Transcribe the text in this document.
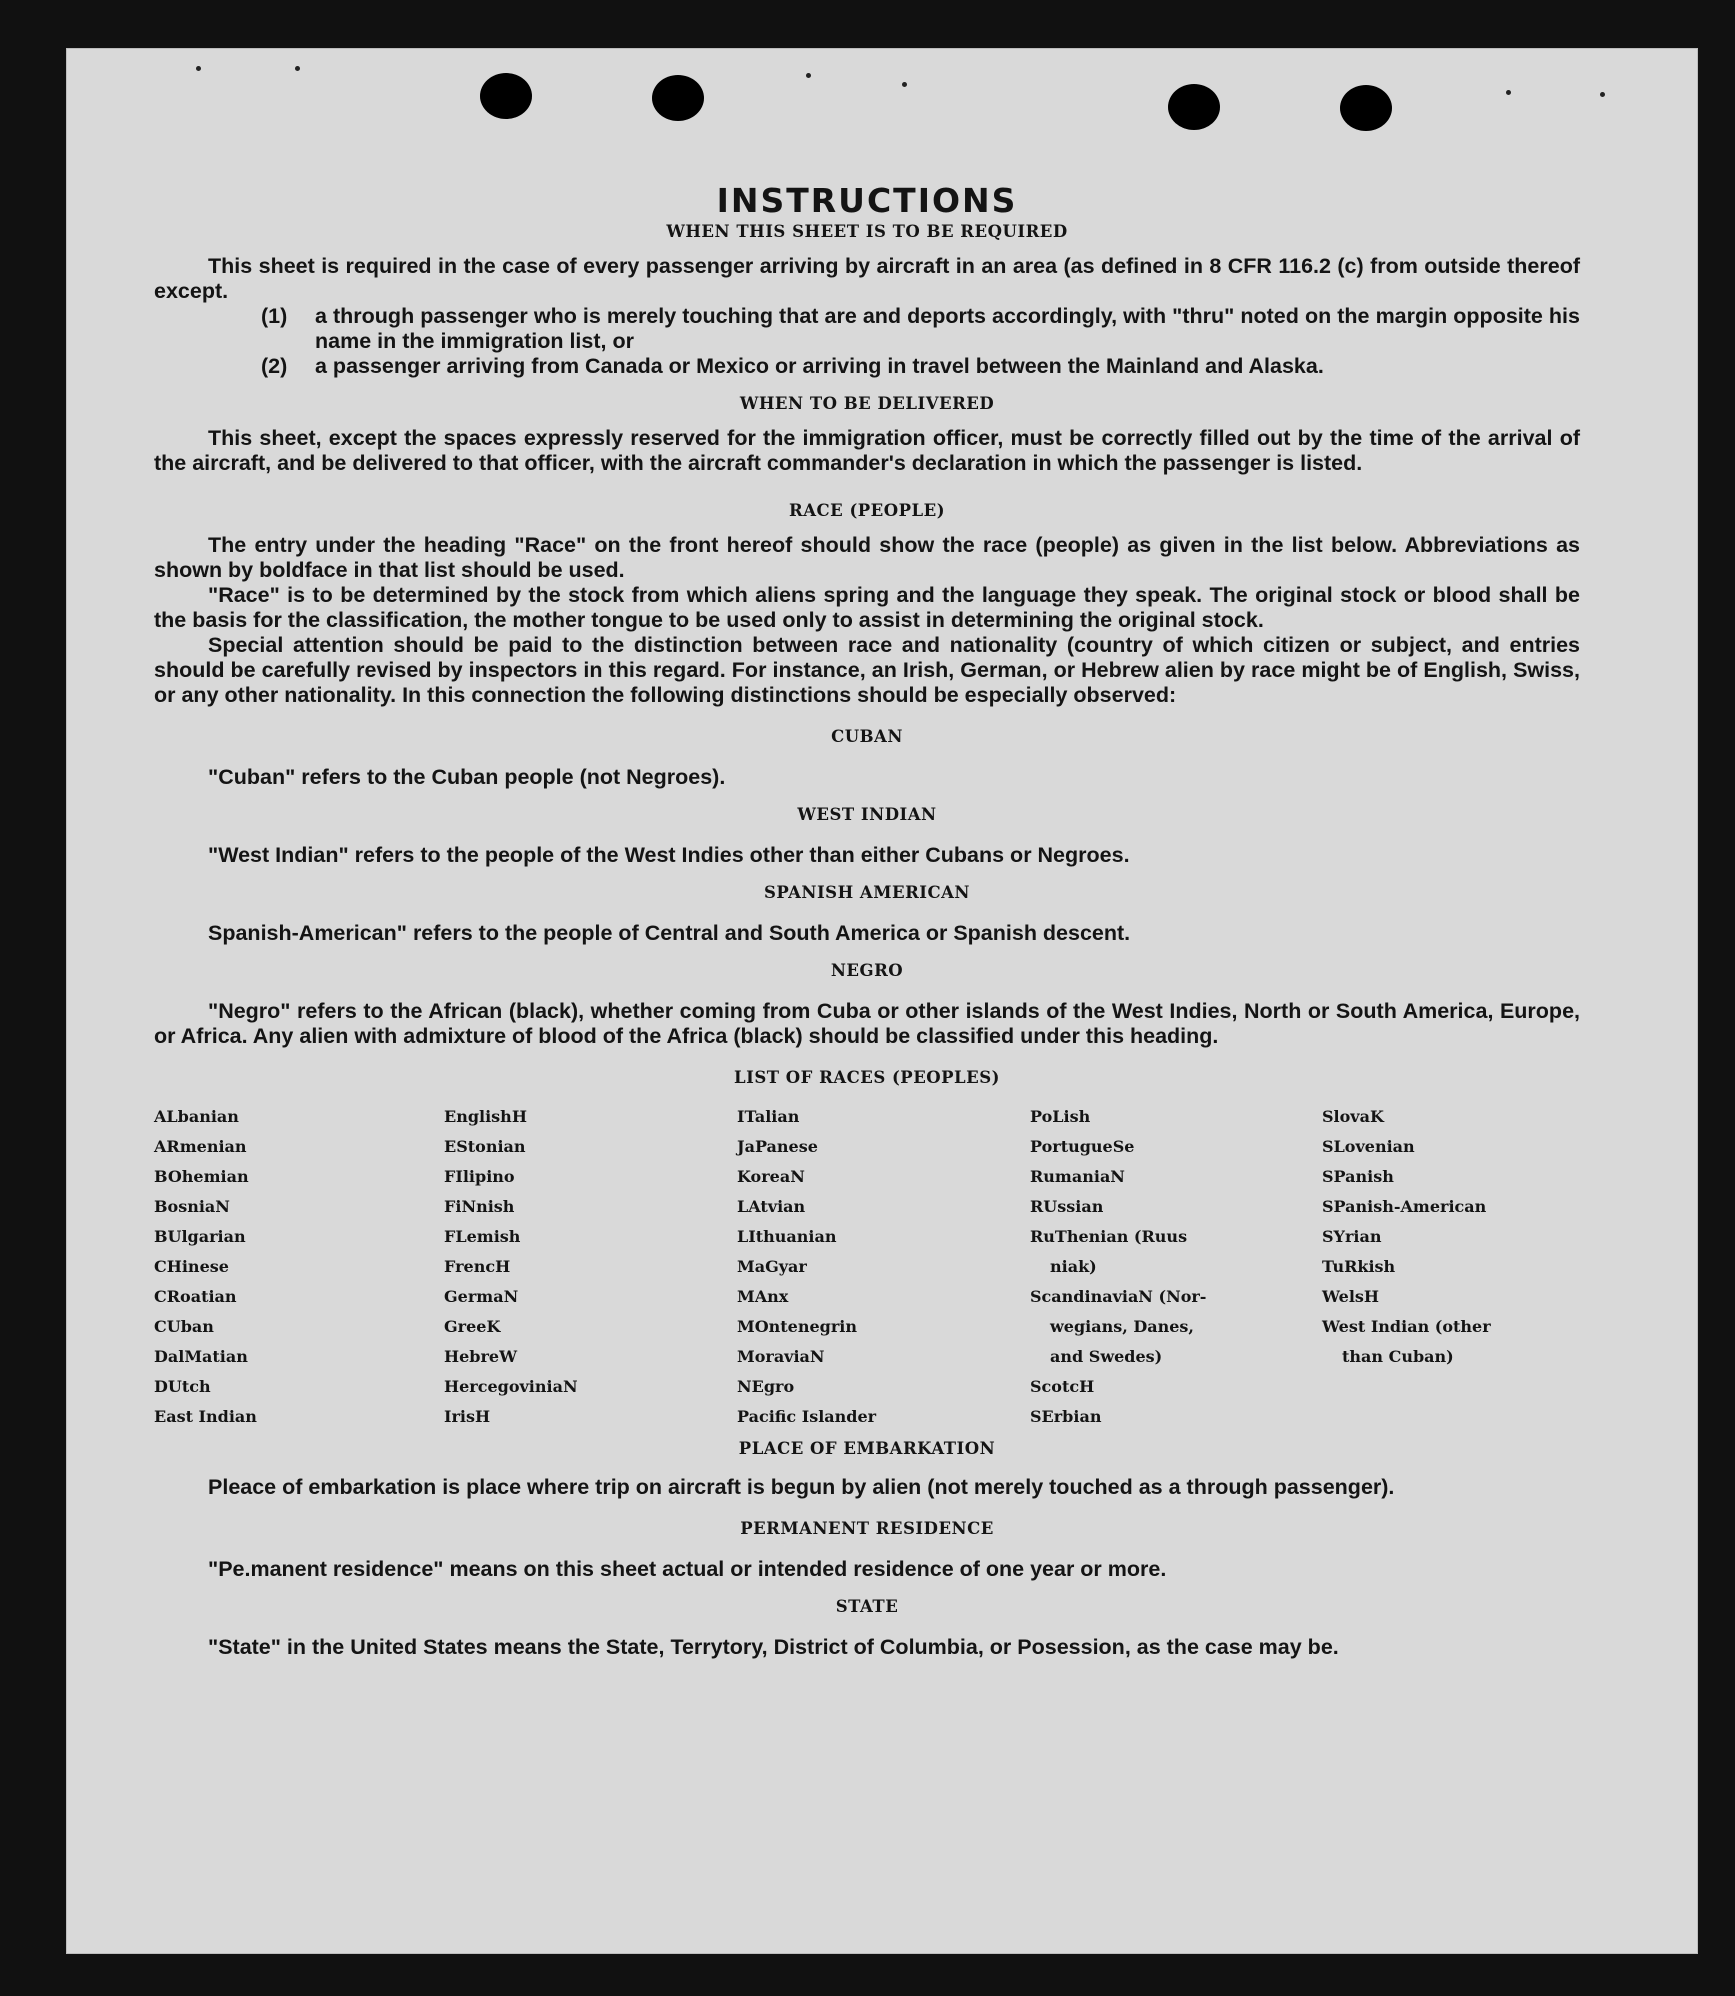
INSTRUCTIONS
WHEN THIS SHEET IS TO BE REQUIRED

This sheet is required in the case of every passenger arriving by aircraft in an area (as defined in 8 CFR 116.2 (c) from outside thereof except.

(1) a through passenger who is merely touching that are and deports accordingly, with "thru" noted on the margin opposite his name in the immigration list, or

(2) a passenger arriving from Canada or Mexico or arriving in travel between the Mainland and Alaska.

WHEN TO BE DELIVERED

This sheet, except the spaces expressly reserved for the immigration officer, must be correctly filled out by the time of the arrival of the aircraft, and be delivered to that officer, with the aircraft commander's declaration in which the passenger is listed.

RACE (PEOPLE)

The entry under the heading "Race" on the front hereof should show the race (people) as given in the list below. Abbreviations as shown by boldface in that list should be used.

"Race" is to be determined by the stock from which aliens spring and the language they speak. The original stock or blood shall be the basis for the classification, the mother tongue to be used only to assist in determining the original stock.

Special attention should be paid to the distinction between race and nationality (country of which citizen or subject, and entries should be carefully revised by inspectors in this regard. For instance, an Irish, German, or Hebrew alien by race might be of English, Swiss, or any other nationality. In this connection the following distinctions should be especially observed:

CUBAN

"Cuban" refers to the Cuban people (not Negroes).

WEST INDIAN

"West Indian" refers to the people of the West Indies other than either Cubans or Negroes.

SPANISH AMERICAN

Spanish-American" refers to the people of Central and South America or Spanish descent.

NEGRO

"Negro" refers to the African (black), whether coming from Cuba or other islands of the West Indies, North or South America, Europe, or Africa. Any alien with admixture of blood of the Africa (black) should be classified under this heading.

LIST OF RACES (PEOPLES)
ALbanian
ARmenian
BOhemian
BosniaN
BUlgarian
CHinese
CRoatian
CUban
DalMatian
DUtch
East Indian
EnglishH
EStonian
FIlipino
FiNnish
FLemish
FrencH
GermaN
GreeK
HebreW
HercegoviniaN
IrisH
ITalian
JaPanese
KoreaN
LAtvian
LIthuanian
MaGyar
MAnx
MOntenegrin
MoraviaN
NEgro
Pacific Islander
PoLish
PortugueSe
RumaniaN
RUssian
RuThenian (Ruus
niak)
ScandinaviaN (Nor-
wegians, Danes,
and Swedes)
ScotcH
SErbian
SlovaK
SLovenian
SPanish
SPanish-American
SYrian
TuRkish
WelsH
West Indian (other
than Cuban)
PLACE OF EMBARKATION

Pleace of embarkation is place where trip on aircraft is begun by alien (not merely touched as a through passenger).

PERMANENT RESIDENCE

"Pe.manent residence" means on this sheet actual or intended residence of one year or more.

STATE

"State" in the United States means the State, Terrytory, District of Columbia, or Posession, as the case may be.
